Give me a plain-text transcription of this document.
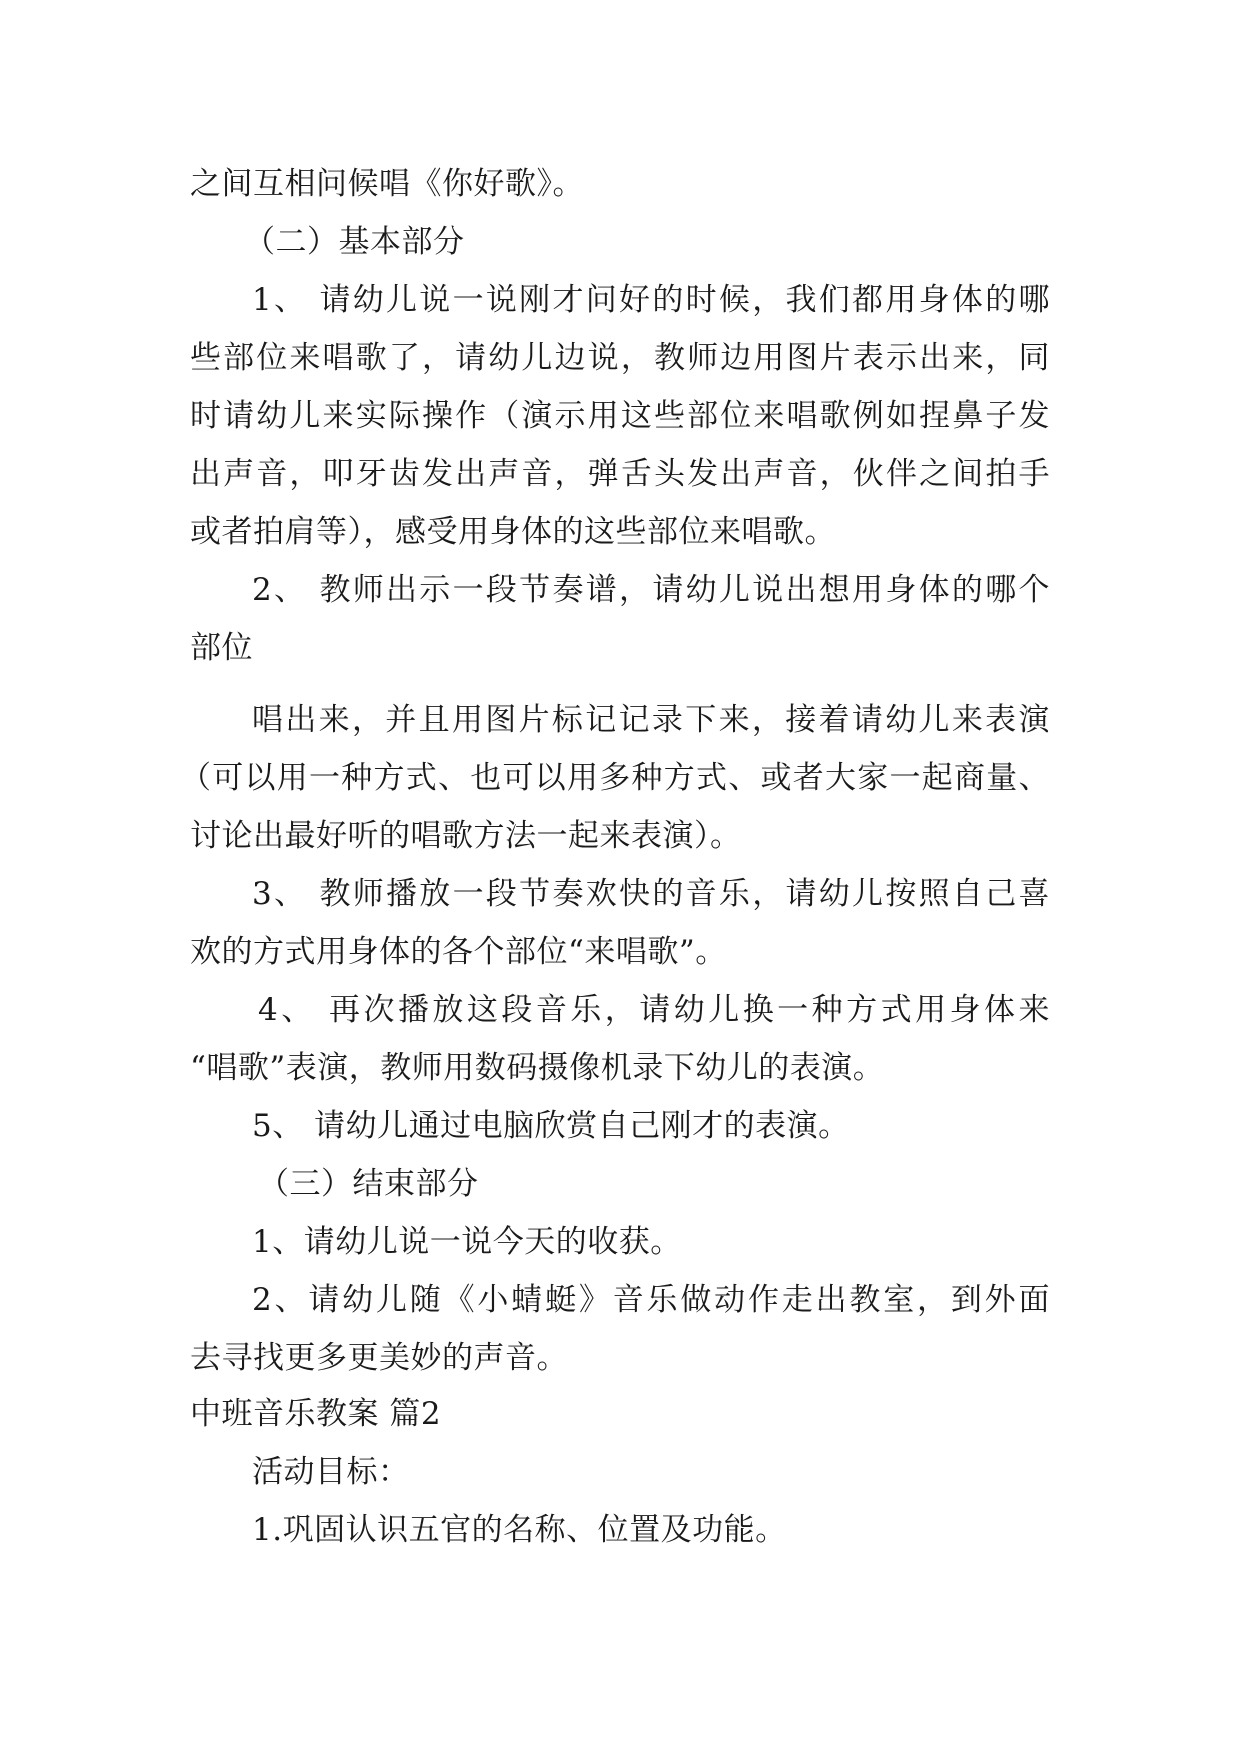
之间互相问候唱《你好歌》。
（二）基本部分
1、 请幼儿说一说刚才问好的时候，我们都用身体的哪
些部位来唱歌了，请幼儿边说，教师边用图片表示出来，同
时请幼儿来实际操作（演示用这些部位来唱歌例如捏鼻子发
出声音，叩牙齿发出声音，弹舌头发出声音，伙伴之间拍手
或者拍肩等），感受用身体的这些部位来唱歌。
2、 教师出示一段节奏谱，请幼儿说出想用身体的哪个
部位
唱出来，并且用图片标记记录下来，接着请幼儿来表演
（可以用一种方式、也可以用多种方式、或者大家一起商量、
讨论出最好听的唱歌方法一起来表演）。
3、 教师播放一段节奏欢快的音乐，请幼儿按照自己喜
欢的方式用身体的各个部位“来唱歌”。
4、 再次播放这段音乐，请幼儿换一种方式用身体来
“唱歌”表演，教师用数码摄像机录下幼儿的表演。
5、 请幼儿通过电脑欣赏自己刚才的表演。
（三）结束部分
1、请幼儿说一说今天的收获。
2、请幼儿随《小蜻蜓》音乐做动作走出教室，到外面
去寻找更多更美妙的声音。
中班音乐教案 篇2
活动目标：
1.巩固认识五官的名称、位置及功能。
